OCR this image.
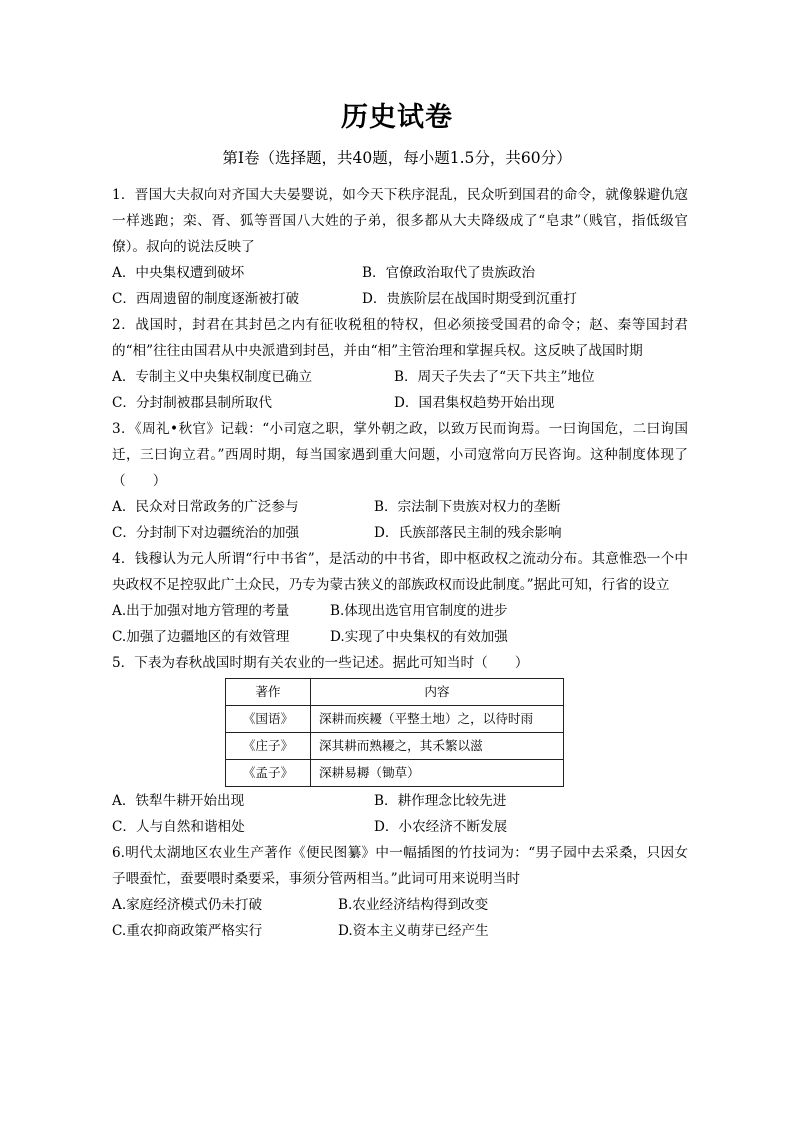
历史试卷
第Ⅰ卷（选择题，共40题，每小题1.5分，共60分）

1．晋国大夫叔向对齐国大夫晏婴说，如今天下秩序混乱，民众听到国君的命令，就像躲避仇寇一样逃跑；栾、胥、狐等晋国八大姓的子弟，很多都从大夫降级成了“皂隶”（贱官，指低级官僚）。叔向的说法反映了

A．中央集权遭到破坏	B．官僚政治取代了贵族政治
C．西周遗留的制度逐渐被打破	D．贵族阶层在战国时期受到沉重打

2．战国时，封君在其封邑之内有征收税租的特权，但必须接受国君的命令；赵、秦等国封君的“相”往往由国君从中央派遣到封邑，并由“相”主管治理和掌握兵权。这反映了战国时期

A．专制主义中央集权制度已确立	B．周天子失去了“天下共主”地位
C．分封制被郡县制所取代	D．国君集权趋势开始出现

3．《周礼•秋官》记载：“小司寇之职，掌外朝之政，以致万民而询焉。一曰询国危，二曰询国迁，三曰询立君。”西周时期，每当国家遇到重大问题，小司寇常向万民咨询。这种制度体现了（　　）

A．民众对日常政务的广泛参与	B．宗法制下贵族对权力的垄断
C．分封制下对边疆统治的加强	D．氏族部落民主制的残余影响

4．钱穆认为元人所谓“行中书省”，是活动的中书省，即中枢政权之流动分布。其意惟恐一个中央政权不足控驭此广土众民，乃专为蒙古狭义的部族政权而设此制度。”据此可知，行省的设立

A.出于加强对地方管理的考量	B.体现出选官用官制度的进步
C.加强了边疆地区的有效管理	D.实现了中央集权的有效加强

5．下表为春秋战国时期有关农业的一些记述。据此可知当时（　　）

著作	内容
《国语》	深耕而疾耰（平整土地）之，以待时雨
《庄子》	深其耕而熟耰之，其禾繁以滋
《孟子》	深耕易耨（锄草）
A．铁犁牛耕开始出现	B．耕作理念比较先进
C．人与自然和谐相处	D．小农经济不断发展

6.明代太湖地区农业生产著作《便民图纂》中一幅插图的竹技词为：“男子园中去采桑，只因女子喂蚕忙，蚕要喂时桑要采，事须分管两相当。”此词可用来说明当时

A.家庭经济模式仍未打破	B.农业经济结构得到改变
C.重农抑商政策严格实行	D.资本主义萌芽已经产生
